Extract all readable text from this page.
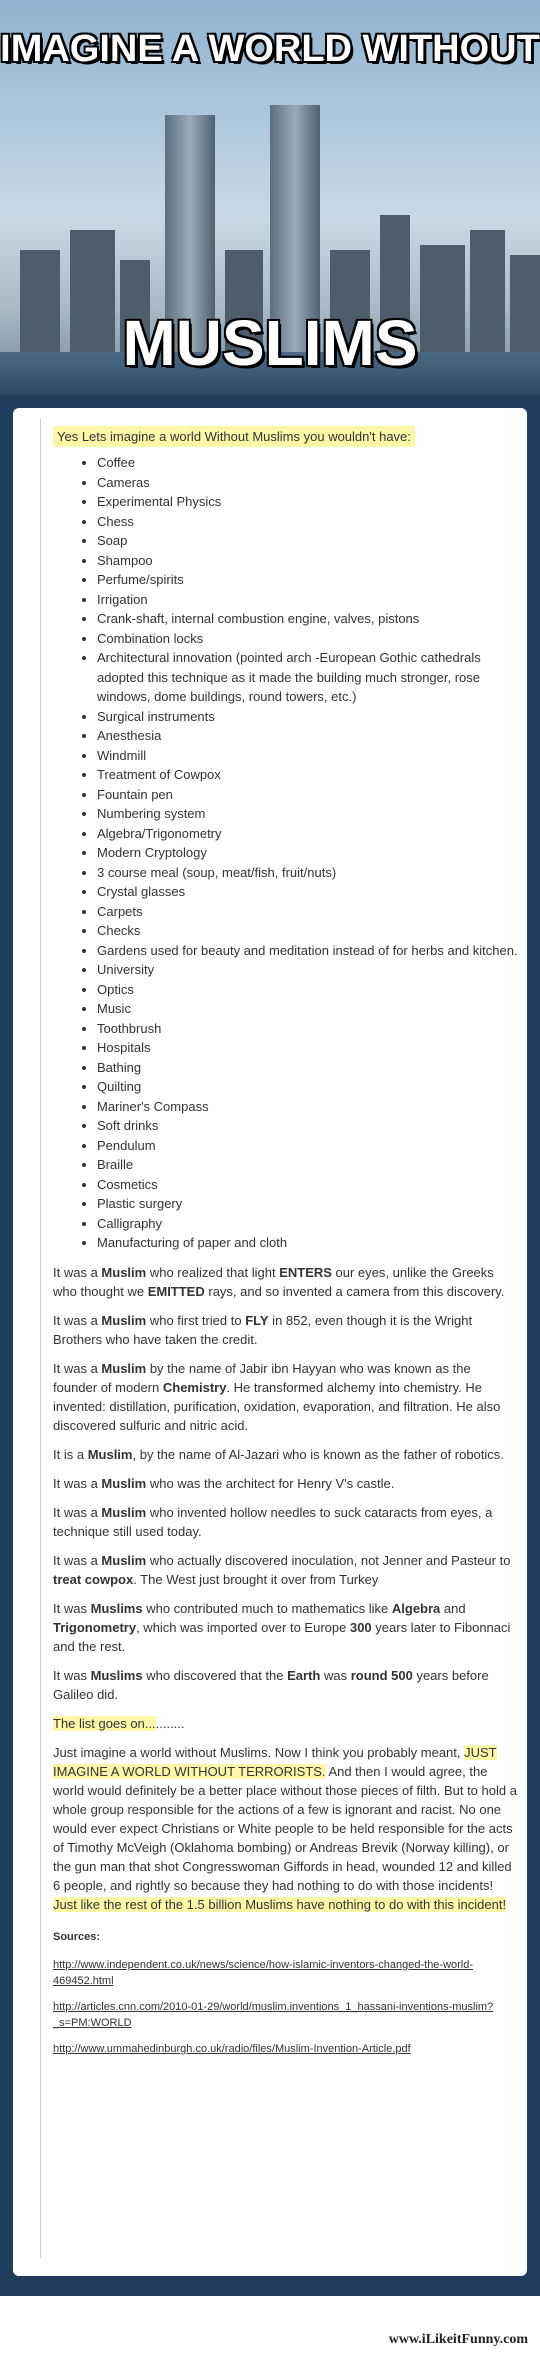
IMAGINE A WORLD WITHOUT
MUSLIMS
Yes Lets imagine a world Without Muslims you wouldn't have:
• Coffee
• Cameras
• Experimental Physics
• Chess
• Soap
• Shampoo
• Perfume/spirits
• Irrigation
• Crank-shaft, internal combustion engine, valves, pistons
• Combination locks
• Architectural innovation (pointed arch -European Gothic cathedrals adopted this technique as it made the building much stronger, rose windows, dome buildings, round towers, etc.)
• Surgical instruments
• Anesthesia
• Windmill
• Treatment of Cowpox
• Fountain pen
• Numbering system
• Algebra/Trigonometry
• Modern Cryptology
• 3 course meal (soup, meat/fish, fruit/nuts)
• Crystal glasses
• Carpets
• Checks
• Gardens used for beauty and meditation instead of for herbs and kitchen.
• University
• Optics
• Music
• Toothbrush
• Hospitals
• Bathing
• Quilting
• Mariner's Compass
• Soft drinks
• Pendulum
• Braille
• Cosmetics
• Plastic surgery
• Calligraphy
• Manufacturing of paper and cloth

It was a Muslim who realized that light ENTERS our eyes, unlike the Greeks who thought we EMITTED rays, and so invented a camera from this discovery.

It was a Muslim who first tried to FLY in 852, even though it is the Wright Brothers who have taken the credit.

It was a Muslim by the name of Jabir ibn Hayyan who was known as the founder of modern Chemistry. He transformed alchemy into chemistry. He invented: distillation, purification, oxidation, evaporation, and filtration. He also discovered sulfuric and nitric acid.

It is a Muslim, by the name of Al-Jazari who is known as the father of robotics.

It was a Muslim who was the architect for Henry V's castle.

It was a Muslim who invented hollow needles to suck cataracts from eyes, a technique still used today.

It was a Muslim who actually discovered inoculation, not Jenner and Pasteur to treat cowpox. The West just brought it over from Turkey

It was Muslims who contributed much to mathematics like Algebra and Trigonometry, which was imported over to Europe 300 years later to Fibonnaci and the rest.

It was Muslims who discovered that the Earth was round 500 years before Galileo did.

The list goes on...........

Just imagine a world without Muslims. Now I think you probably meant, JUST IMAGINE A WORLD WITHOUT TERRORISTS. And then I would agree, the world would definitely be a better place without those pieces of filth. But to hold a whole group responsible for the actions of a few is ignorant and racist. No one would ever expect Christians or White people to be held responsible for the acts of Timothy McVeigh (Oklahoma bombing) or Andreas Brevik (Norway killing), or the gun man that shot Congresswoman Giffords in head, wounded 12 and killed 6 people, and rightly so because they had nothing to do with those incidents! Just like the rest of the 1.5 billion Muslims have nothing to do with this incident!

Sources:
http://www.independent.co.uk/news/science/how-islamic-inventors-changed-the-world-469452.html
http://articles.cnn.com/2010-01-29/world/muslim.inventions_1_hassani-inventions-muslim?_s=PM:WORLD
http://www.ummahedinburgh.co.uk/radio/files/Muslim-Invention-Article.pdf
www.iLikeitFunny.com
